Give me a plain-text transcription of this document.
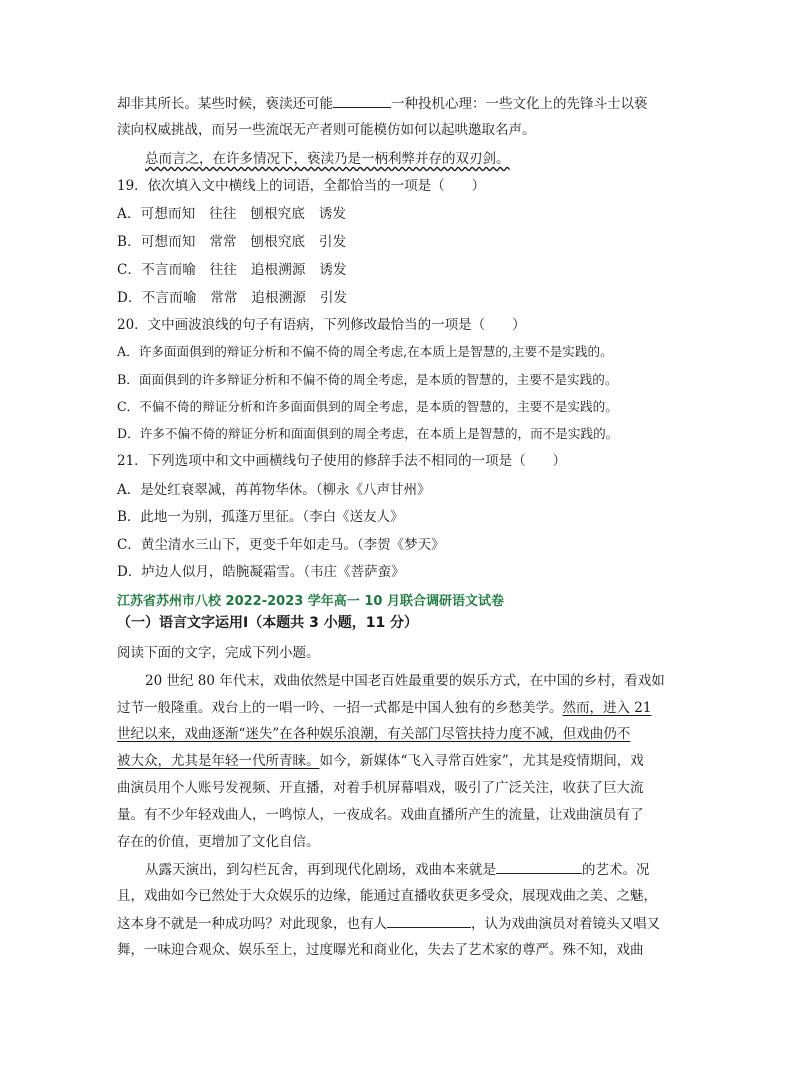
却非其所长。某些时候，亵渎还可能	一种投机心理：一些文化上的先锋斗士以亵
渎向权威挑战，而另一些流氓无产者则可能模仿如何以起哄邀取名声。
总而言之，在许多情况下，亵渎乃是一柄利弊并存的双刃剑。
19．依次填入文中横线上的词语，全都恰当的一项是（　　）
A．可想而知　往往　刨根究底　诱发
B．可想而知　常常　刨根究底　引发
C．不言而喻　往往　追根溯源　诱发
D．不言而喻　常常　追根溯源　引发
20．文中画波浪线的句子有语病，下列修改最恰当的一项是（　　）
A．许多面面俱到的辩证分析和不偏不倚的周全考虑,在本质上是智慧的,主要不是实践的。
B．面面俱到的许多辩证分析和不偏不倚的周全考虑，是本质的智慧的，主要不是实践的。
C．不偏不倚的辩证分析和许多面面俱到的周全考虑，是本质的智慧的，主要不是实践的。
D．许多不偏不倚的辩证分析和面面俱到的周全考虑，在本质上是智慧的，而不是实践的。
21．下列选项中和文中画横线句子使用的修辞手法不相同的一项是（　　）
A．是处红衰翠减，苒苒物华休。（柳永《八声甘州》
B．此地一为别，孤蓬万里征。（李白《送友人》
C．黄尘清水三山下，更变千年如走马。（李贺《梦天》
D．垆边人似月，皓腕凝霜雪。（韦庄《菩萨蛮》
江苏省苏州市八校 2022-2023 学年高一 10 月联合调研语文试卷
（一）语言文字运用Ⅰ（本题共 3 小题，11 分）
阅读下面的文字，完成下列小题。
20 世纪 80 年代末，戏曲依然是中国老百姓最重要的娱乐方式，在中国的乡村，看戏如
过节一般隆重。戏台上的一唱一吟、一招一式都是中国人独有的乡愁美学。然而，进入 21
世纪以来，戏曲逐渐“迷失”在各种娱乐浪潮，有关部门尽管扶持力度不减，但戏曲仍不
被大众，尤其是年轻一代所青睐。如今，新媒体“飞入寻常百姓家”，尤其是疫情期间，戏
曲演员用个人账号发视频、开直播，对着手机屏幕唱戏，吸引了广泛关注，收获了巨大流
量。有不少年轻戏曲人，一鸣惊人，一夜成名。戏曲直播所产生的流量，让戏曲演员有了
存在的价值，更增加了文化自信。
从露天演出，到勾栏瓦舍，再到现代化剧场，戏曲本来就是	的艺术。况
且，戏曲如今已然处于大众娱乐的边缘，能通过直播收获更多受众，展现戏曲之美、之魅，
这本身不就是一种成功吗？对此现象，也有人	，认为戏曲演员对着镜头又唱又
舞，一味迎合观众、娱乐至上，过度曝光和商业化，失去了艺术家的尊严。殊不知，戏曲
